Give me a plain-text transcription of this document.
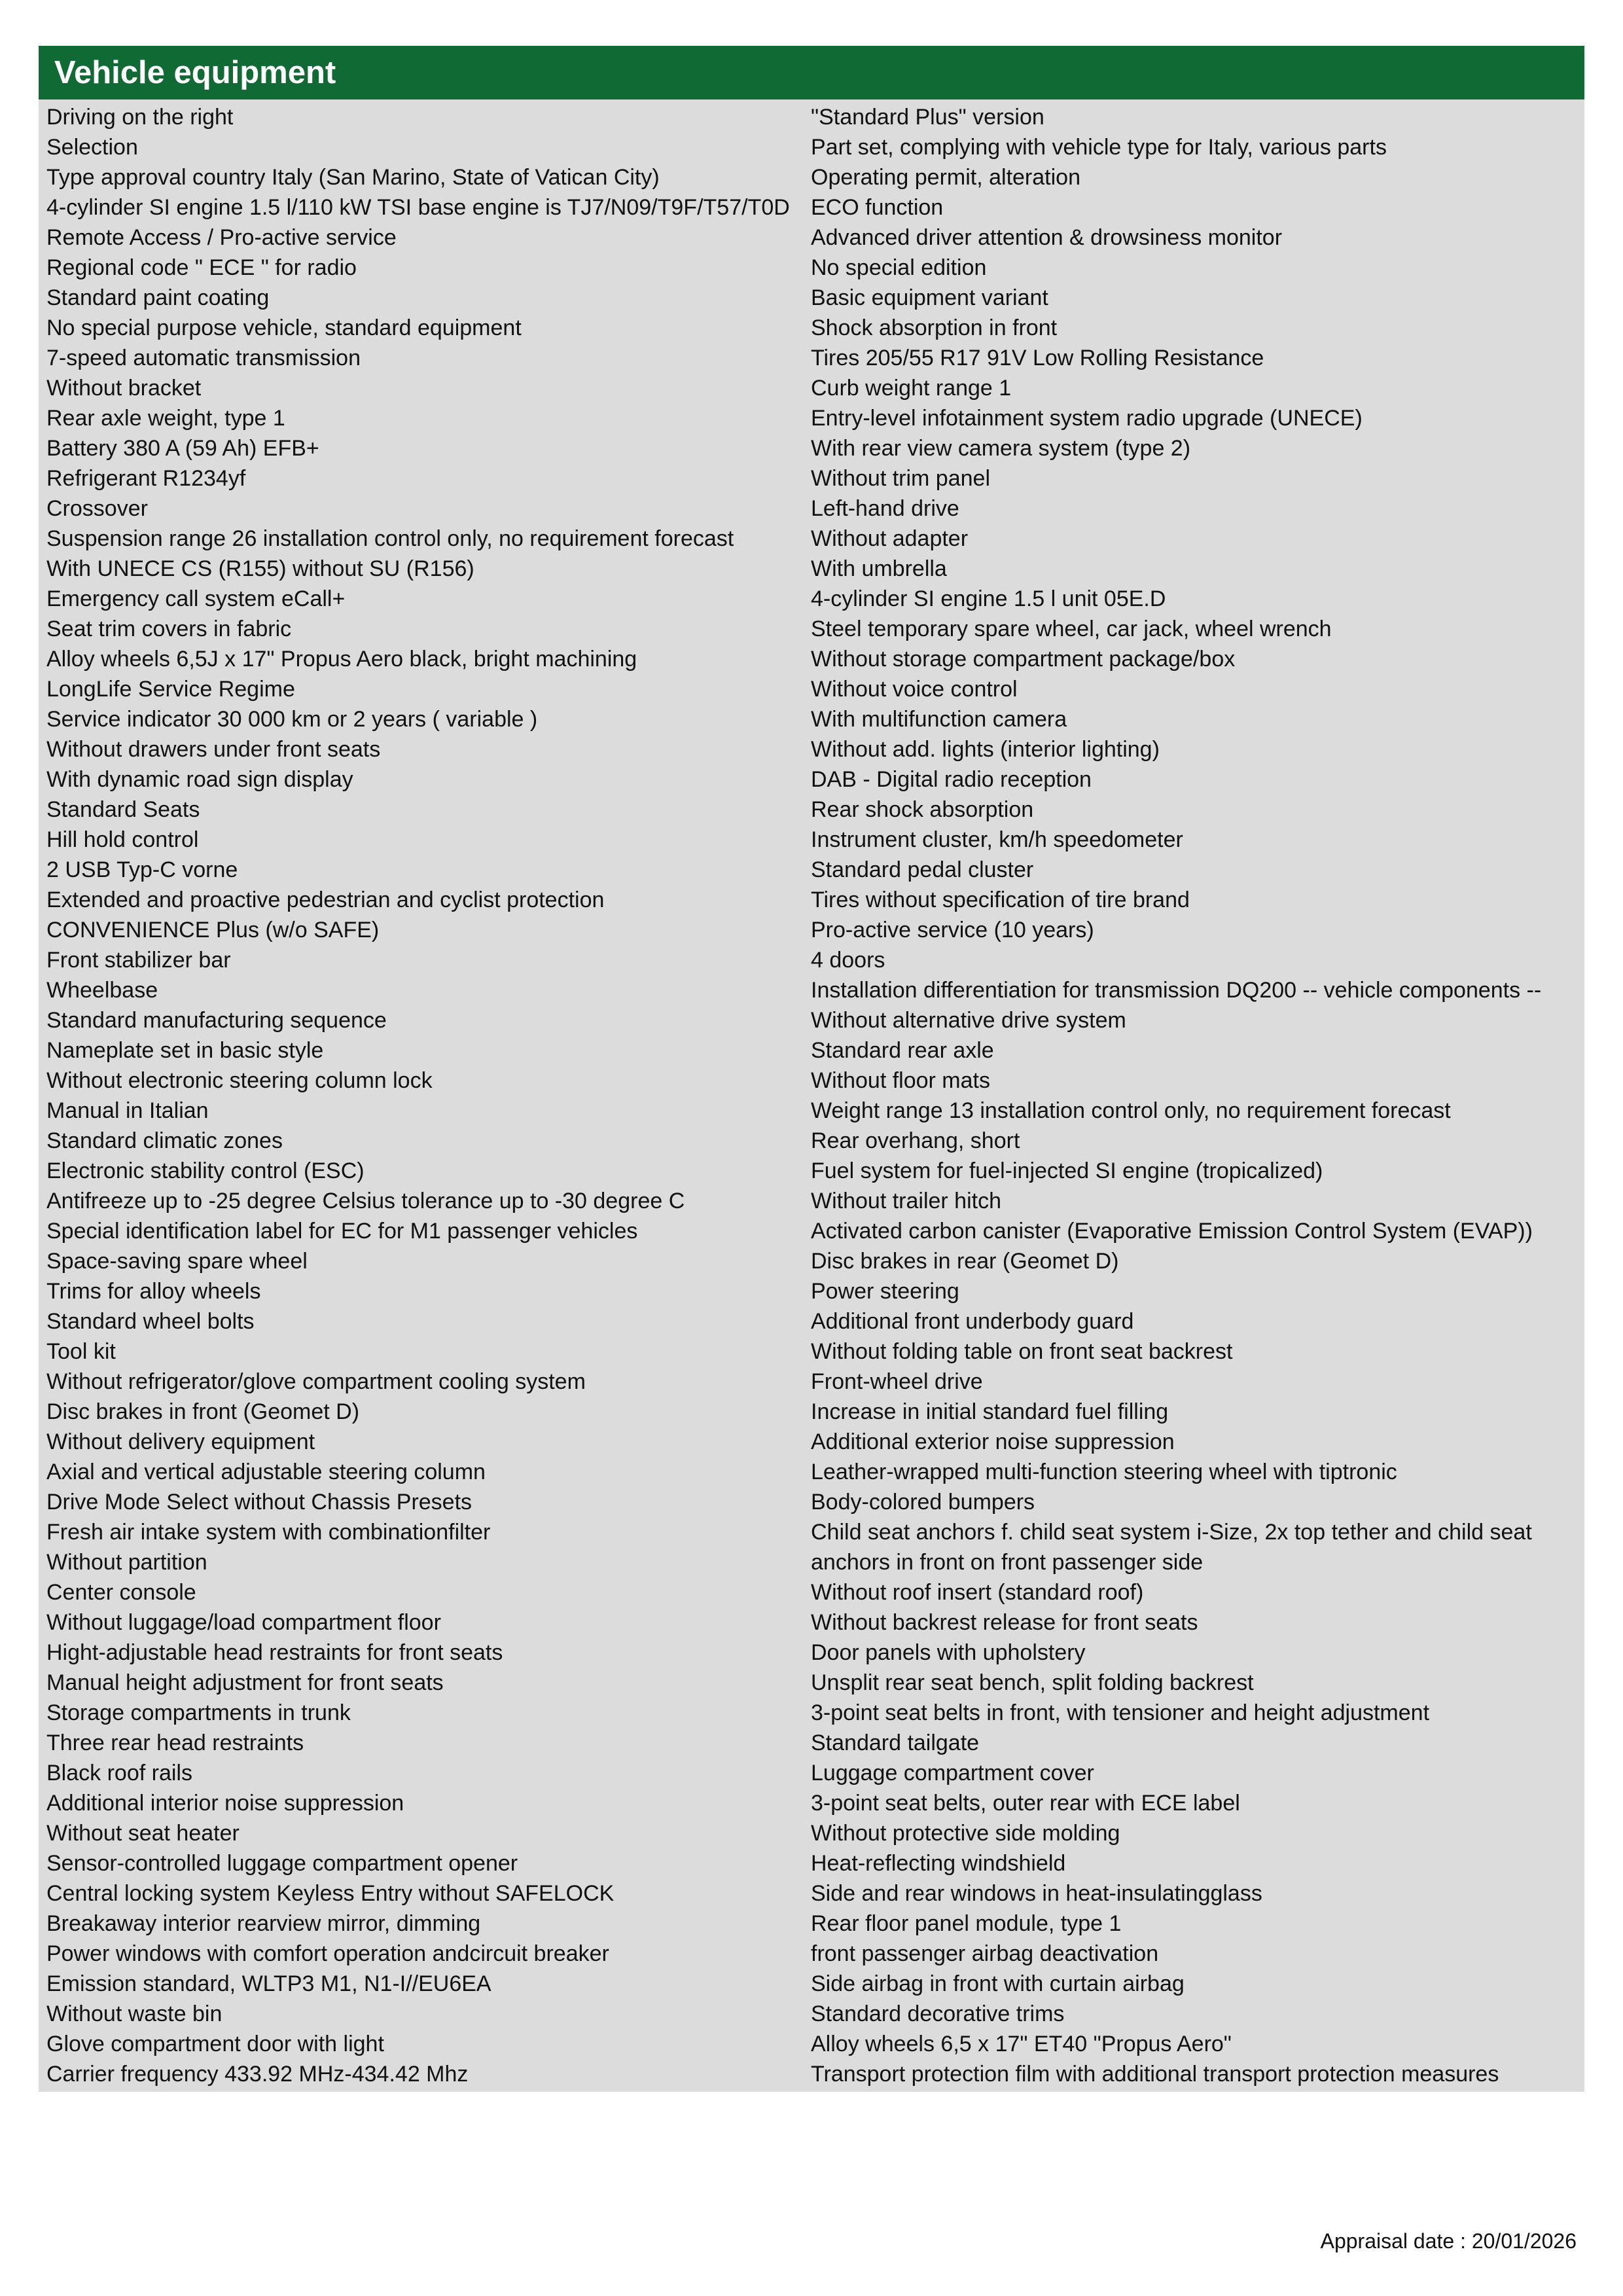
Vehicle equipment
Driving on the right
Selection
Type approval country Italy (San Marino, State of Vatican City)
4-cylinder SI engine 1.5 l/110 kW TSI base engine is TJ7/N09/T9F/T57/T0D
Remote Access / Pro-active service
Regional code " ECE " for radio
Standard paint coating
No special purpose vehicle, standard equipment
7-speed automatic transmission
Without bracket
Rear axle weight, type 1
Battery 380 A (59 Ah) EFB+
Refrigerant R1234yf
Crossover
Suspension range 26 installation control only, no requirement forecast
With UNECE CS (R155) without SU (R156)
Emergency call system eCall+
Seat trim covers in fabric
Alloy wheels 6,5J x 17" Propus Aero black, bright machining
LongLife Service Regime
Service indicator 30 000 km or 2 years ( variable )
Without drawers under front seats
With dynamic road sign display
Standard Seats
Hill hold control
2 USB Typ-C vorne
Extended and proactive pedestrian and cyclist protection
CONVENIENCE Plus (w/o SAFE)
Front stabilizer bar
Wheelbase
Standard manufacturing sequence
Nameplate set in basic style
Without electronic steering column lock
Manual in Italian
Standard climatic zones
Electronic stability control (ESC)
Antifreeze up to -25 degree Celsius tolerance up to -30 degree C
Special identification label for EC for M1 passenger vehicles
Space-saving spare wheel
Trims for alloy wheels
Standard wheel bolts
Tool kit
Without refrigerator/glove compartment cooling system
Disc brakes in front (Geomet D)
Without delivery equipment
Axial and vertical adjustable steering column
Drive Mode Select without Chassis Presets
Fresh air intake system with combinationfilter
Without partition
Center console
Without luggage/load compartment floor
Hight-adjustable head restraints for front seats
Manual height adjustment for front seats
Storage compartments in trunk
Three rear head restraints
Black roof rails
Additional interior noise suppression
Without seat heater
Sensor-controlled luggage compartment opener
Central locking system Keyless Entry without SAFELOCK
Breakaway interior rearview mirror, dimming
Power windows with comfort operation andcircuit breaker
Emission standard, WLTP3 M1, N1-I//EU6EA
Without waste bin
Glove compartment door with light
Carrier frequency 433.92 MHz-434.42 Mhz
"Standard Plus" version
Part set, complying with vehicle type for Italy, various parts
Operating permit, alteration
ECO function
Advanced driver attention & drowsiness monitor
No special edition
Basic equipment variant
Shock absorption in front
Tires 205/55 R17 91V Low Rolling Resistance
Curb weight range 1
Entry-level infotainment system radio upgrade (UNECE)
With rear view camera system (type 2)
Without trim panel
Left-hand drive
Without adapter
With umbrella
4-cylinder SI engine 1.5 l unit 05E.D
Steel temporary spare wheel, car jack, wheel wrench
Without storage compartment package/box
Without voice control
With multifunction camera
Without add. lights (interior lighting)
DAB - Digital radio reception
Rear shock absorption
Instrument cluster, km/h speedometer
Standard pedal cluster
Tires without specification of tire brand
Pro-active service (10 years)
4 doors
Installation differentiation for transmission DQ200 -- vehicle components --
Without alternative drive system
Standard rear axle
Without floor mats
Weight range 13 installation control only, no requirement forecast
Rear overhang, short
Fuel system for fuel-injected SI engine (tropicalized)
Without trailer hitch
Activated carbon canister (Evaporative Emission Control System (EVAP))
Disc brakes in rear (Geomet D)
Power steering
Additional front underbody guard
Without folding table on front seat backrest
Front-wheel drive
Increase in initial standard fuel filling
Additional exterior noise suppression
Leather-wrapped multi-function steering wheel with tiptronic
Body-colored bumpers
Child seat anchors f. child seat system i-Size, 2x top tether and child seat
anchors in front on front passenger side
Without roof insert (standard roof)
Without backrest release for front seats
Door panels with upholstery
Unsplit rear seat bench, split folding backrest
3-point seat belts in front, with tensioner and height adjustment
Standard tailgate
Luggage compartment cover
3-point seat belts, outer rear with ECE label
Without protective side molding
Heat-reflecting windshield
Side and rear windows in heat-insulatingglass
Rear floor panel module, type 1
front passenger airbag deactivation
Side airbag in front with curtain airbag
Standard decorative trims
Alloy wheels 6,5 x 17" ET40 "Propus Aero"
Transport protection film with additional transport protection measures
Appraisal date : 20/01/2026
